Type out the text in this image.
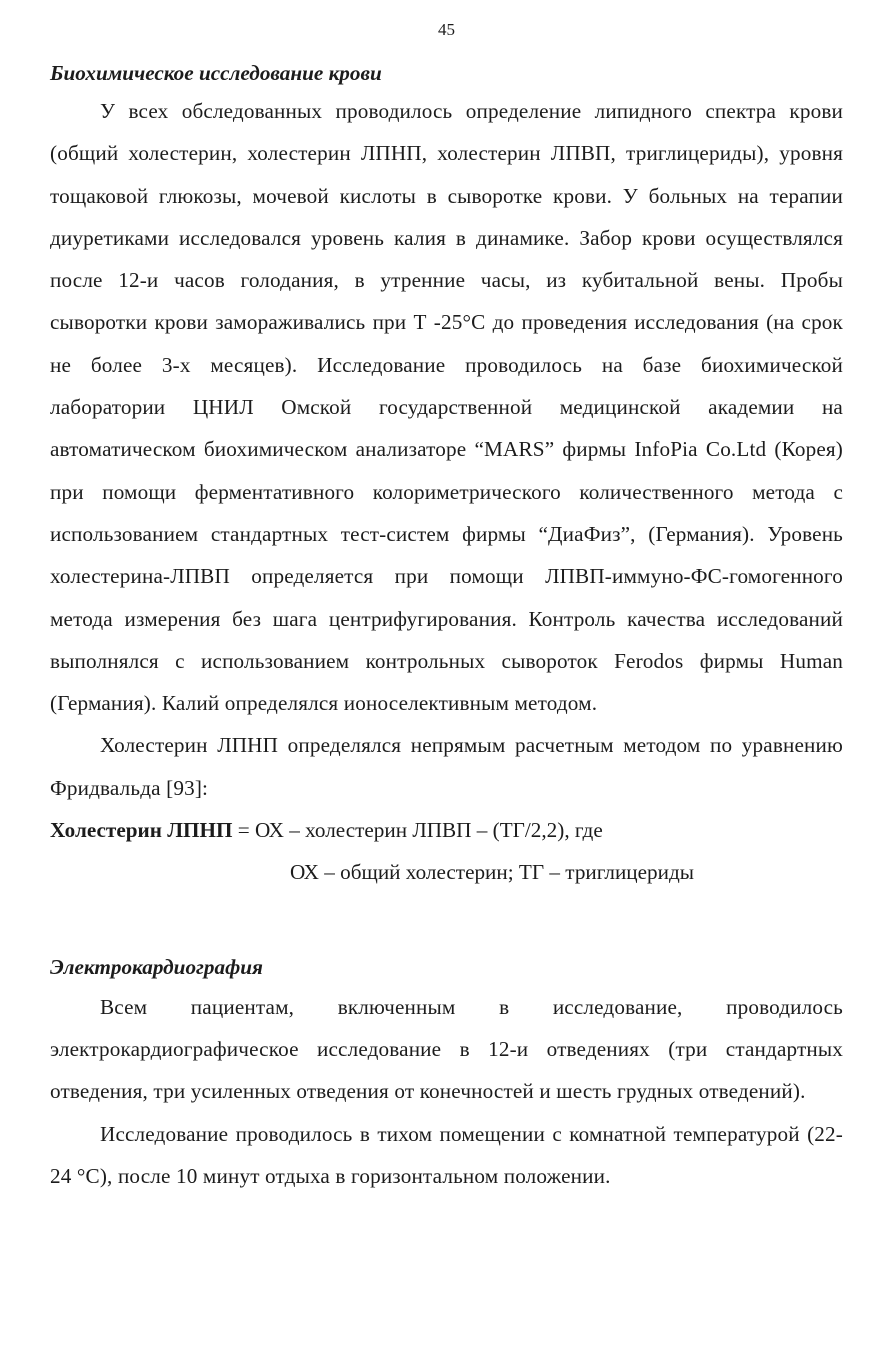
45
Биохимическое исследование крови

У всех обследованных проводилось определение липидного спектра крови (общий холестерин, холестерин ЛПНП, холестерин ЛПВП, триглицериды), уровня тощаковой глюкозы, мочевой кислоты в сыворотке крови. У больных на терапии диуретиками исследовался уровень калия в динамике. Забор крови осуществлялся после 12-и часов голодания, в утренние часы, из кубитальной вены. Пробы сыворотки крови замораживались при Т -25°С до проведения исследования (на срок не более 3-х месяцев). Исследование проводилось на базе биохимической лаборатории ЦНИЛ Омской государственной медицинской академии на автоматическом биохимическом анализаторе “MARS” фирмы InfoPia Co.Ltd (Корея) при помощи ферментативного колориметрического количественного метода с использованием стандартных тест-систем фирмы “ДиаФиз”, (Германия). Уровень холестерина-ЛПВП определяется при помощи ЛПВП-иммуно-ФС-гомогенного метода измерения без шага центрифугирования. Контроль качества исследований выполнялся с использованием контрольных сывороток Ferodos фирмы Human (Германия). Калий определялся ионоселективным методом.

Холестерин ЛПНП определялся непрямым расчетным методом по уравнению Фридвальда [93]:

Холестерин ЛПНП = ОХ – холестерин ЛПВП – (ТГ/2,2), где

ОХ – общий холестерин; ТГ – триглицериды

Электрокардиография

Всем пациентам, включенным в исследование, проводилось электрокардиографическое исследование в 12-и отведениях (три стандартных отведения, три усиленных отведения от конечностей и шесть грудных отведений).

Исследование проводилось в тихом помещении с комнатной температурой (22-24 °С), после 10 минут отдыха в горизонтальном положении.
